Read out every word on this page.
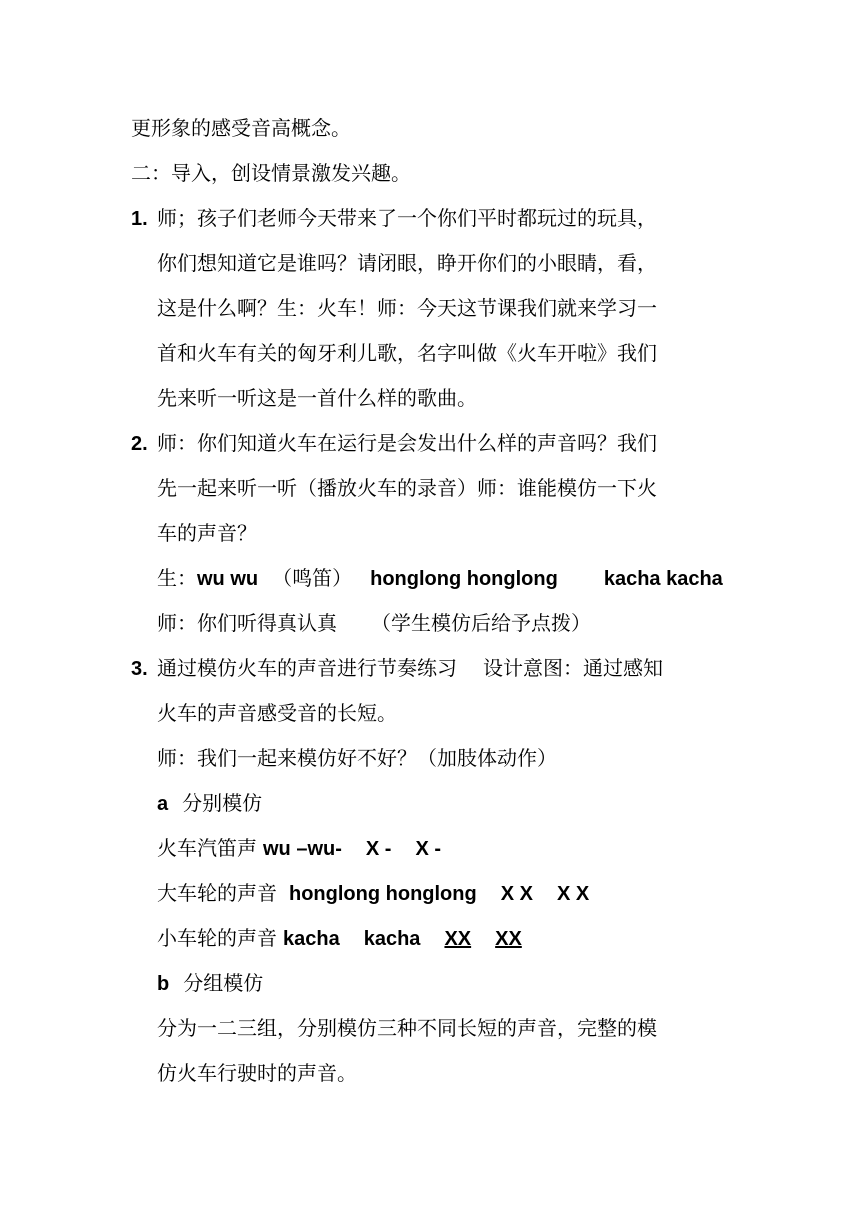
更形象的感受音高概念。
二：导入，创设情景激发兴趣。
1. 师；孩子们老师今天带来了一个你们平时都玩过的玩具，
你们想知道它是谁吗？请闭眼，睁开你们的小眼睛，看，
这是什么啊？生：火车！师：今天这节课我们就来学习一
首和火车有关的匈牙利儿歌，名字叫做《火车开啦》我们
先来听一听这是一首什么样的歌曲。
2. 师：你们知道火车在运行是会发出什么样的声音吗？我们
先一起来听一听（播放火车的录音）师：谁能模仿一下火
车的声音？
生：wu wu （鸣笛） honglong honglong kacha kacha
师：你们听得真认真 （学生模仿后给予点拨）
3. 通过模仿火车的声音进行节奏练习 设计意图：通过感知
火车的声音感受音的长短。
师：我们一起来模仿好不好？（加肢体动作）
a 分别模仿
火车汽笛声 wu –wu- X - X -
大车轮的声音 honglong honglong X X X X
小车轮的声音 kacha kacha XX XX
b 分组模仿
分为一二三组，分别模仿三种不同长短的声音，完整的模
仿火车行驶时的声音。
